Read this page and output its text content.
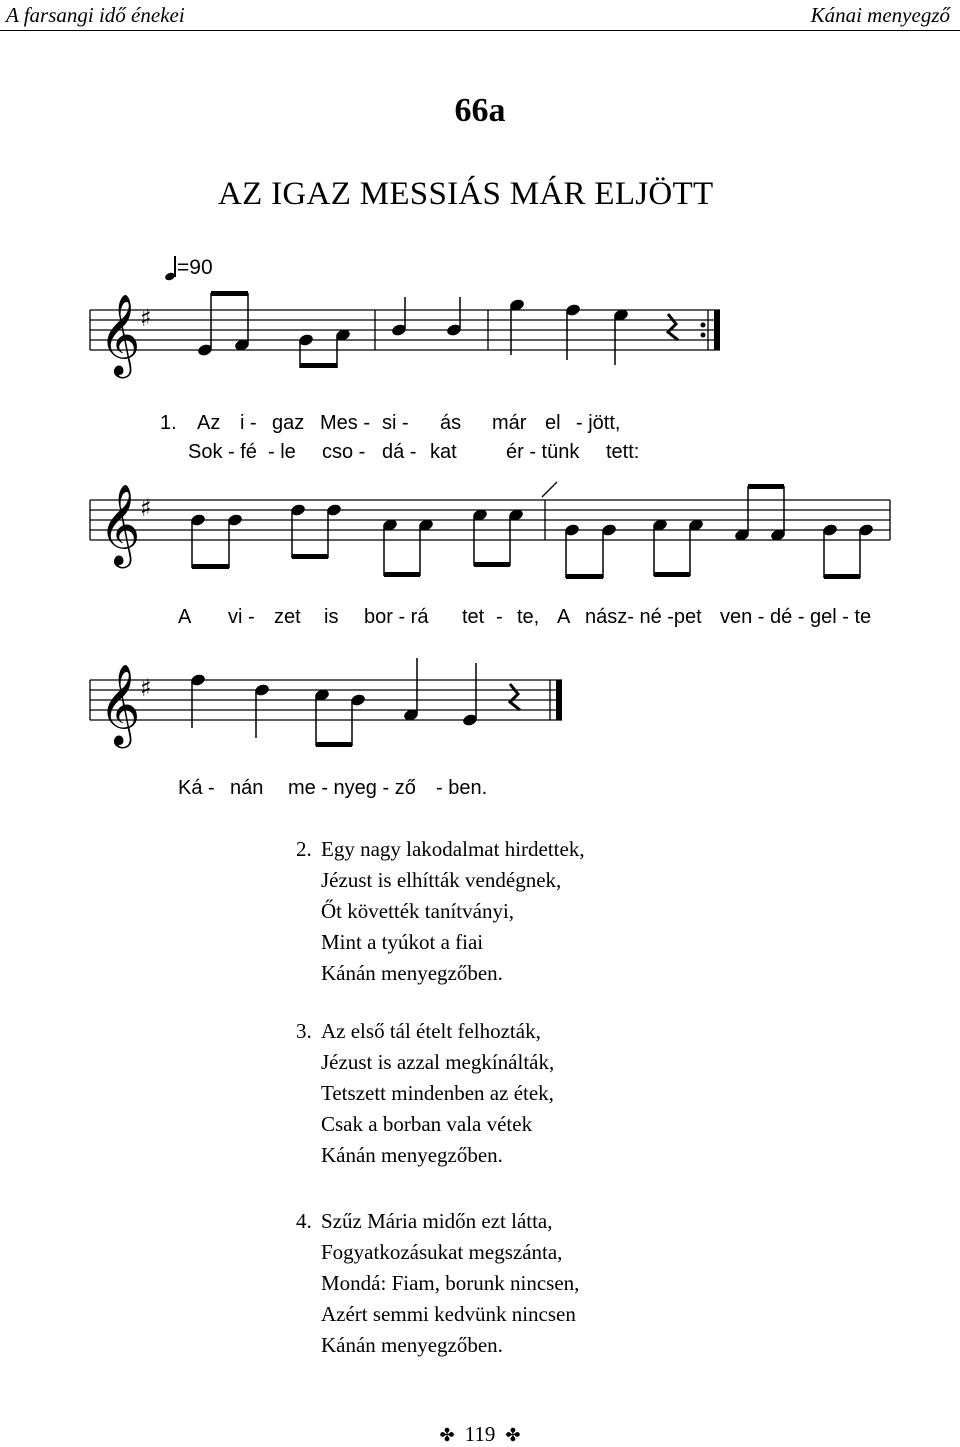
A farsangi idő énekei	Kánai menyegző
66a
AZ IGAZ MESSIÁS MÁR ELJÖTT
=90
𝄞 ♯
1. Az i - gaz Mes - si - ás már el - jött,
Sok - fé - le cso - dá - kat ér - tünk tett:
𝄞 ♯
A vi - zet is bor - rá tet - te, A nász- né -pet ven - dé - gel - te
𝄞 ♯
Ká - nán me - nyeg - ző - ben.
2. Egy nagy lakodalmat hirdettek,
Jézust is elhítták vendégnek,
Őt követték tanítványi,
Mint a tyúkot a fiai
Kánán menyegzőben.
3. Az első tál ételt felhozták,
Jézust is azzal megkínálták,
Tetszett mindenben az étek,
Csak a borban vala vétek
Kánán menyegzőben.
4. Szűz Mária midőn ezt látta,
Fogyatkozásukat megszánta,
Mondá: Fiam, borunk nincsen,
Azért semmi kedvünk nincsen
Kánán menyegzőben.
✤ 119 ✤
